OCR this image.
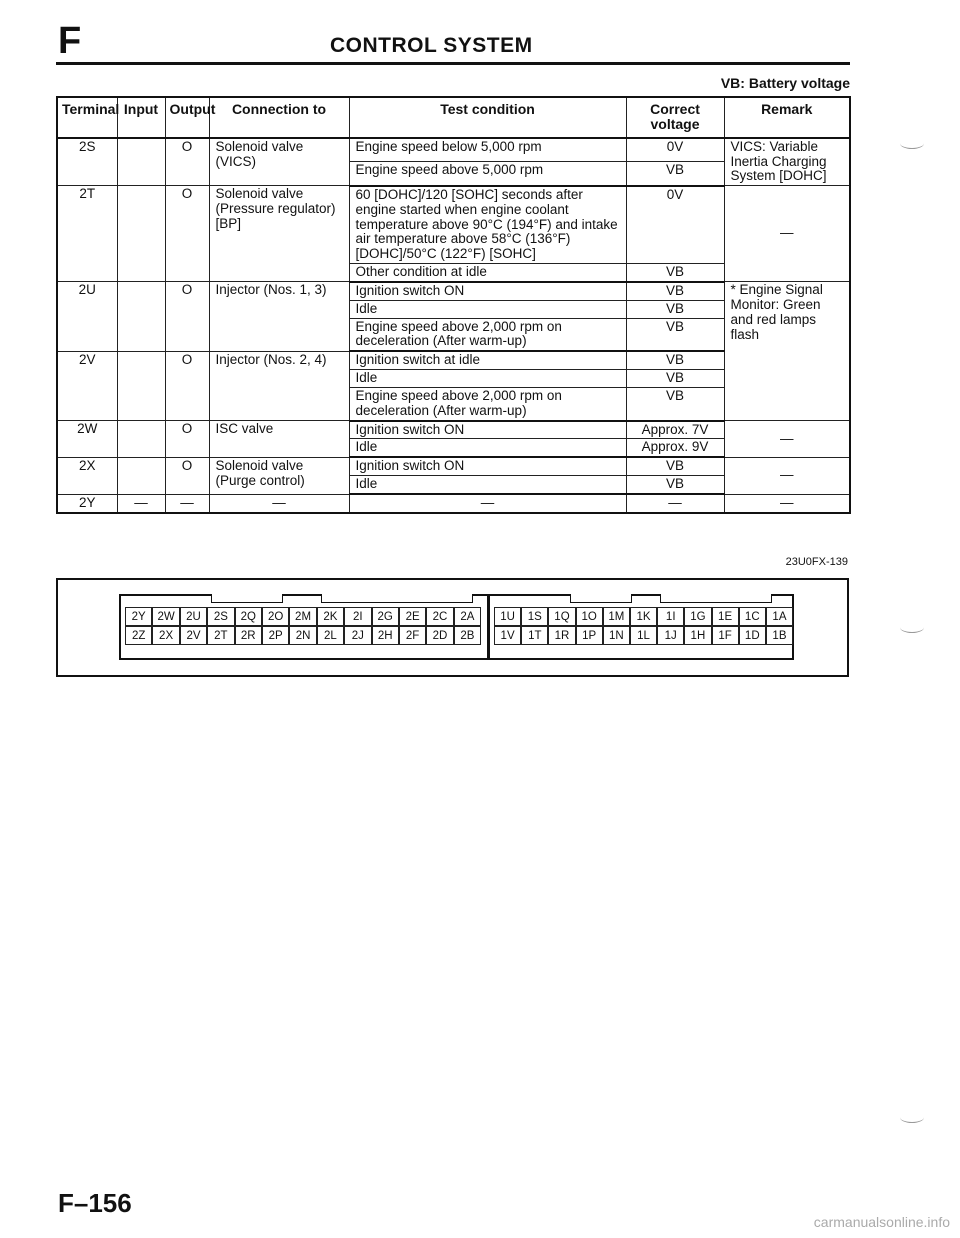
F	CONTROL SYSTEM
VB: Battery voltage
Terminal	Input	Output	Connection to	Test condition	Correct voltage	Remark
2S		O	Solenoid valve (VICS)	Engine speed below 5,000 rpm	0V	VICS: Variable Inertia Charging System [DOHC]
				Engine speed above 5,000 rpm	VB	
2T		O	Solenoid valve (Pressure regulator) [BP]	60 [DOHC]/120 [SOHC] seconds after engine started when engine coolant temperature above 90°C (194°F) and intake air temperature above 58°C (136°F) [DOHC]/50°C (122°F) [SOHC]	0V	—
				Other condition at idle	VB	
2U		O	Injector (Nos. 1, 3)	Ignition switch ON	VB	* Engine Signal Monitor: Green and red lamps flash
				Idle	VB	
				Engine speed above 2,000 rpm on deceleration (After warm-up)	VB	
2V		O	Injector (Nos. 2, 4)	Ignition switch at idle	VB	
				Idle	VB	
				Engine speed above 2,000 rpm on deceleration (After warm-up)	VB	
2W		O	ISC valve	Ignition switch ON	Approx. 7V	—
				Idle	Approx. 9V	
2X		O	Solenoid valve (Purge control)	Ignition switch ON	VB	—
				Idle	VB	
2Y	—	—	—	—	—	—
23U0FX-139
2Y	2W 2U	2S	2Q	2O	2M	2K	2I	2G	2E	2C	2A
2Z	2X	2V	2T	2R	2P	2N	2L	2J	2H	2F	2D	2B
1U	1S	1Q	1O	1M	1K	1I	1G	1E	1C	1A
1V	1T	1R	1P	1N	1L	1J	1H	1F	1D	1B
F–156
carmanualsonline.info
